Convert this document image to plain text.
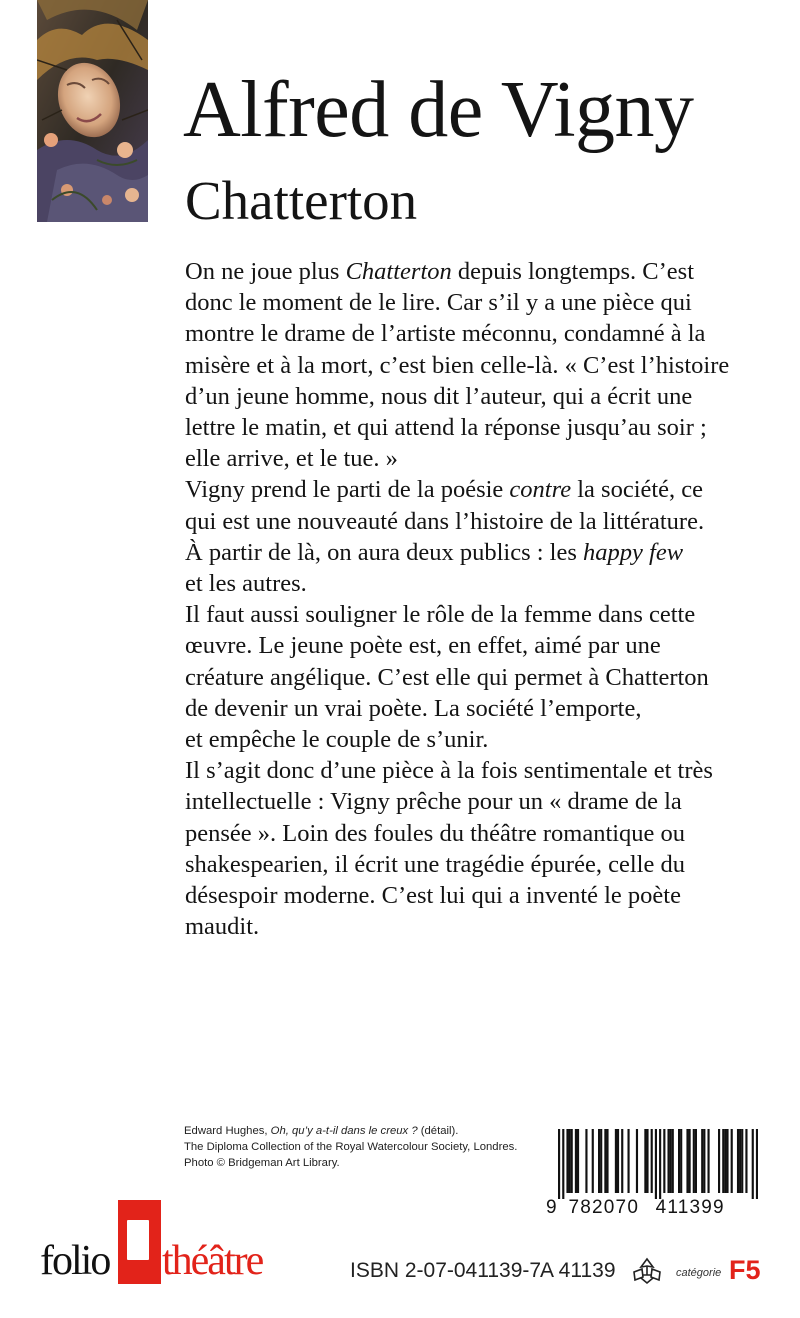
Alfred de Vigny
Chatterton
On ne joue plus Chatterton depuis longtemps. C’est
donc le moment de le lire. Car s’il y a une pièce qui
montre le drame de l’artiste méconnu, condamné à la
misère et à la mort, c’est bien celle-là. « C’est l’histoire
d’un jeune homme, nous dit l’auteur, qui a écrit une
lettre le matin, et qui attend la réponse jusqu’au soir ;
elle arrive, et le tue. »
Vigny prend le parti de la poésie contre la société, ce
qui est une nouveauté dans l’histoire de la littérature.
À partir de là, on aura deux publics : les happy few
et les autres.
Il faut aussi souligner le rôle de la femme dans cette
œuvre. Le jeune poète est, en effet, aimé par une
créature angélique. C’est elle qui permet à Chatterton
de devenir un vrai poète. La société l’emporte,
et empêche le couple de s’unir.
Il s’agit donc d’une pièce à la fois sentimentale et très
intellectuelle : Vigny prêche pour un « drame de la
pensée ». Loin des foules du théâtre romantique ou
shakespearien, il écrit une tragédie épurée, celle du
désespoir moderne. C’est lui qui a inventé le poète
maudit.
Edward Hughes, Oh, qu’y a-t-il dans le creux ? (détail).
The Diploma Collection of the Royal Watercolour Society, Londres.
Photo © Bridgeman Art Library.
9 782070 411399
folio théâtre	ISBN 2-07-041139-7
A 41139	catégorie F5
